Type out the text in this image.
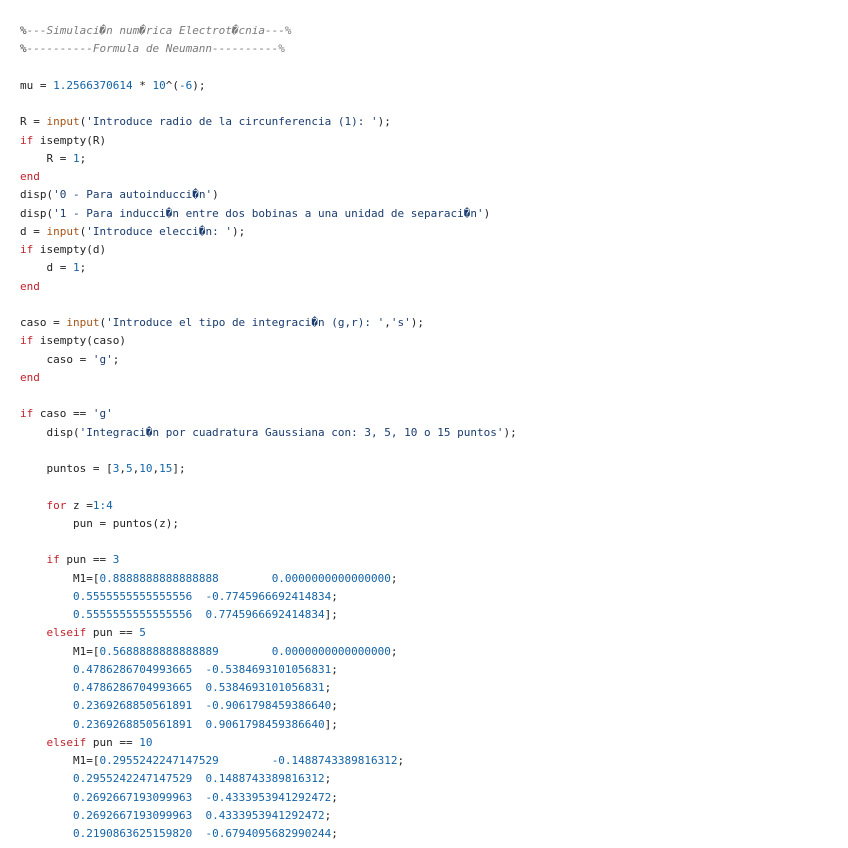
%---Simulaci�n num�rica Electrot�cnia---%
%----------Formula de Neumann----------%
mu = 1.2566370614 * 10^(-6);
R = input('Introduce radio de la circunferencia (1): ');
if isempty(R)
R = 1;
end
disp('0 - Para autoinducci�n')
disp('1 - Para inducci�n entre dos bobinas a una unidad de separaci�n')
d = input('Introduce elecci�n: ');
if isempty(d)
d = 1;
end
caso = input('Introduce el tipo de integraci�n (g,r): ','s');
if isempty(caso)
caso = 'g';
end
if caso == 'g'
disp('Integraci�n por cuadratura Gaussiana con: 3, 5, 10 o 15 puntos');
puntos = [3,5,10,15];
for z =1:4
pun = puntos(z);
if pun == 3
M1=[0.8888888888888888	0.0000000000000000;
0.5555555555555556 -0.7745966692414834;
0.5555555555555556 0.7745966692414834];
elseif pun == 5
M1=[0.5688888888888889	0.0000000000000000;
0.4786286704993665 -0.5384693101056831;
0.4786286704993665 0.5384693101056831;
0.2369268850561891 -0.9061798459386640;
0.2369268850561891 0.9061798459386640];
elseif pun == 10
M1=[0.2955242247147529	-0.1488743389816312;
0.2955242247147529 0.1488743389816312;
0.2692667193099963 -0.4333953941292472;
0.2692667193099963 0.4333953941292472;
0.2190863625159820 -0.6794095682990244;
